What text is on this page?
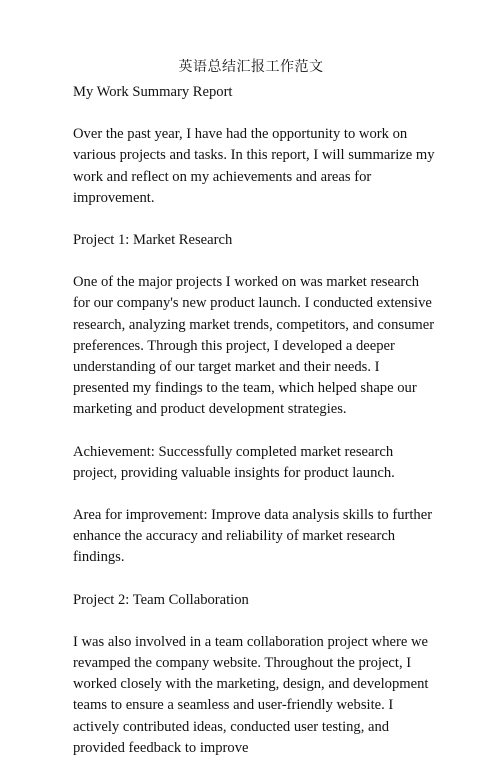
英语总结汇报工作范文

My Work Summary Report

Over the past year, I have had the opportunity to work on various projects and tasks. In this report, I will summarize my work and reflect on my achievements and areas for improvement.

Project 1: Market Research

One of the major projects I worked on was market research for our company's new product launch. I conducted extensive research, analyzing market trends, competitors, and consumer preferences. Through this project, I developed a deeper understanding of our target market and their needs. I presented my findings to the team, which helped shape our marketing and product development strategies.

Achievement: Successfully completed market research project, providing valuable insights for product launch.

Area for improvement: Improve data analysis skills to further enhance the accuracy and reliability of market research findings.

Project 2: Team Collaboration

I was also involved in a team collaboration project where we revamped the company website. Throughout the project, I worked closely with the marketing, design, and development teams to ensure a seamless and user-friendly website. I actively contributed ideas, conducted user testing, and provided feedback to improve
